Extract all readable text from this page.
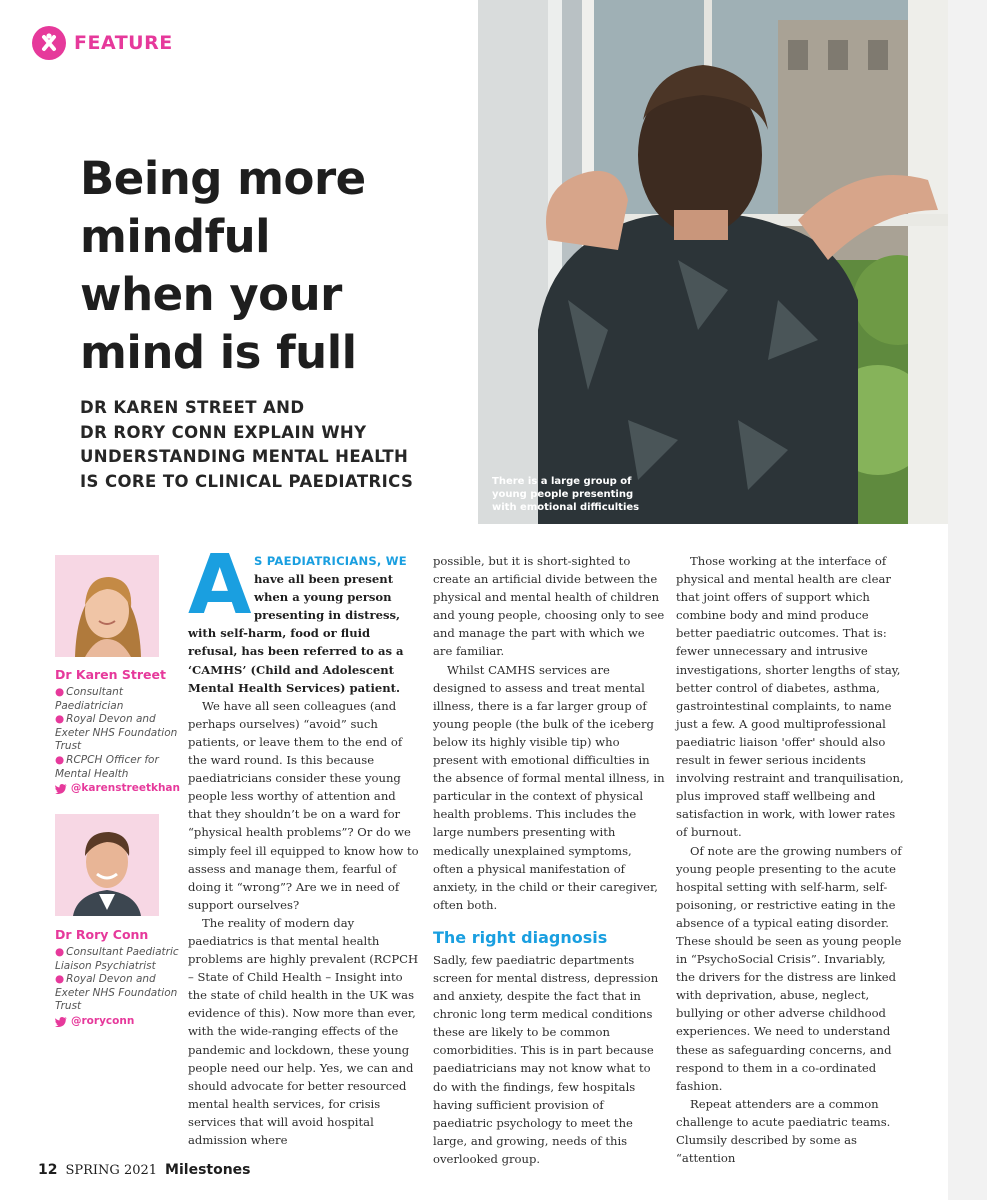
FEATURE
Being more
mindful
when your
mind is full
DR KAREN STREET AND
DR RORY CONN EXPLAIN WHY
UNDERSTANDING MENTAL HEALTH
IS CORE TO CLINICAL PAEDIATRICS	There is a large group of
young people presenting
with emotional difficulties
Dr Karen Street
● Consultant Paediatrician
● Royal Devon and Exeter NHS Foundation Trust
● RCPCH Officer for Mental Health
@karenstreetkhan
Dr Rory Conn
● Consultant Paediatric Liaison Psychiatrist
● Royal Devon and Exeter NHS Foundation Trust
@roryconn
A S PAEDIATRICIANS, WE have all been present when a young person presenting in distress, with self-harm, food or fluid refusal, has been referred to as a ‘CAMHS’ (Child and Adolescent Mental Health Services) patient.

We have all seen colleagues (and perhaps ourselves) “avoid” such patients, or leave them to the end of the ward round. Is this because paediatricians consider these young people less worthy of attention and that they shouldn’t be on a ward for “physical health problems”? Or do we simply feel ill equipped to know how to assess and manage them, fearful of doing it “wrong”? Are we in need of support ourselves?

The reality of modern day paediatrics is that mental health problems are highly prevalent (RCPCH – State of Child Health – Insight into the state of child health in the UK was evidence of this). Now more than ever, with the wide-ranging effects of the pandemic and lockdown, these young people need our help. Yes, we can and should advocate for better resourced mental health services, for crisis services that will avoid hospital admission where

possible, but it is short-sighted to create an artificial divide between the physical and mental health of children and young people, choosing only to see and manage the part with which we are familiar.

Whilst CAMHS services are designed to assess and treat mental illness, there is a far larger group of young people (the bulk of the iceberg below its highly visible tip) who present with emotional difficulties in the absence of formal mental illness, in particular in the context of physical health problems. This includes the large numbers presenting with medically unexplained symptoms, often a physical manifestation of anxiety, in the child or their caregiver, often both.

The right diagnosis

Sadly, few paediatric departments screen for mental distress, depression and anxiety, despite the fact that in chronic long term medical conditions these are likely to be common comorbidities. This is in part because paediatricians may not know what to do with the findings, few hospitals having sufficient provision of paediatric psychology to meet the large, and growing, needs of this overlooked group.

Those working at the interface of physical and mental health are clear that joint offers of support which combine body and mind produce better paediatric outcomes. That is: fewer unnecessary and intrusive investigations, shorter lengths of stay, better control of diabetes, asthma, gastrointestinal complaints, to name just a few. A good multiprofessional paediatric liaison 'offer' should also result in fewer serious incidents involving restraint and tranquilisation, plus improved staff wellbeing and satisfaction in work, with lower rates of burnout.

Of note are the growing numbers of young people presenting to the acute hospital setting with self-harm, self-poisoning, or restrictive eating in the absence of a typical eating disorder. These should be seen as young people in “PsychoSocial Crisis”. Invariably, the drivers for the distress are linked with deprivation, abuse, neglect, bullying or other adverse childhood experiences. We need to understand these as safeguarding concerns, and respond to them in a co-ordinated fashion.

Repeat attenders are a common challenge to acute paediatric teams. Clumsily described by some as “attention

12 SPRING 2021 Milestones
